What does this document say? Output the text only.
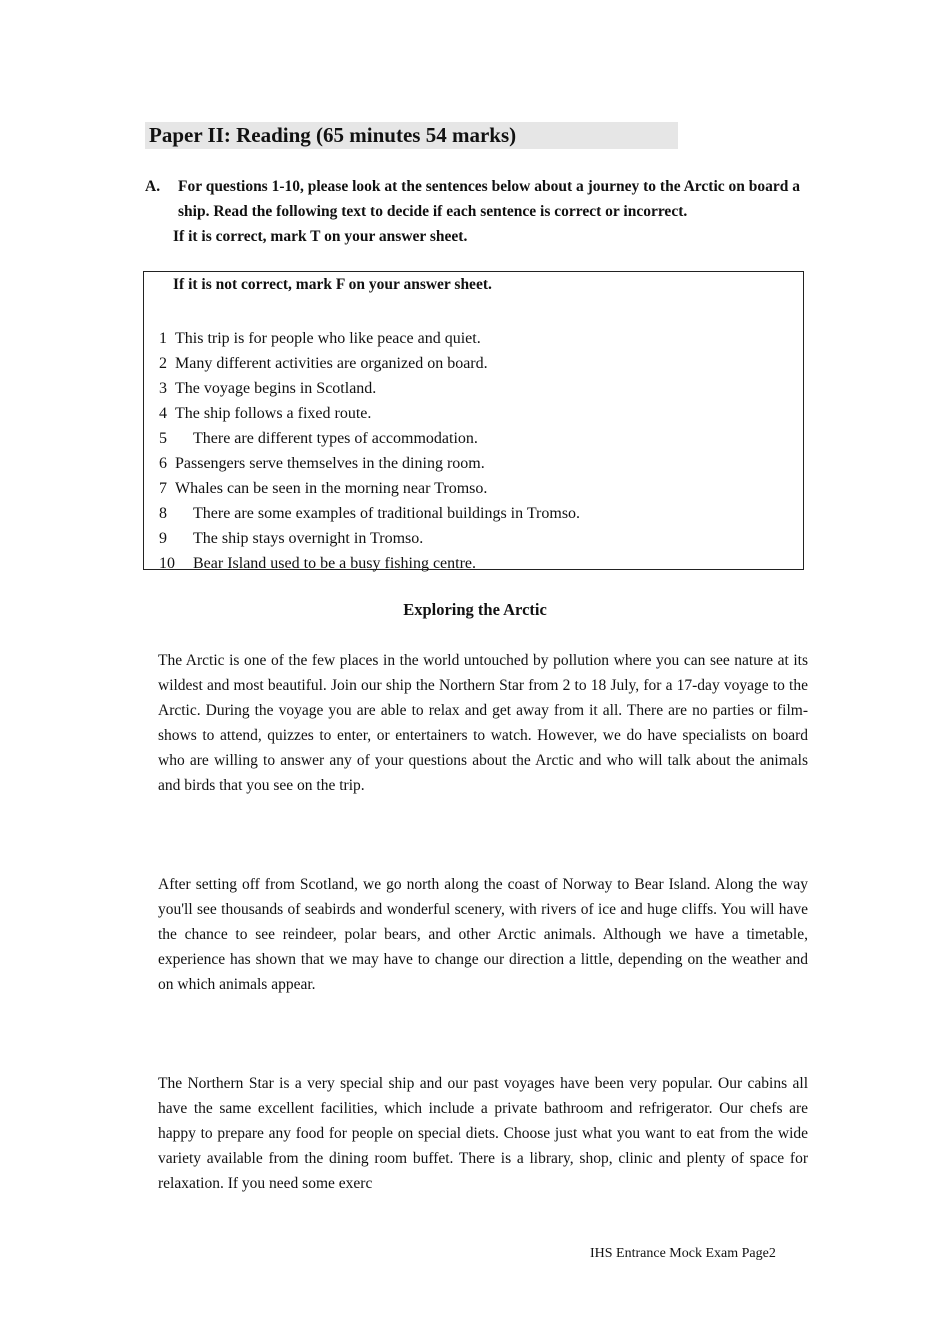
Paper II: Reading (65 minutes 54 marks)
A. For questions 1-10, please look at the sentences below about a journey to the Arctic on board a ship. Read the following text to decide if each sentence is correct or incorrect.
If it is correct, mark T on your answer sheet.
If it is not correct, mark F on your answer sheet.
1 This trip is for people who like peace and quiet.
2 Many different activities are organized on board.
3 The voyage begins in Scotland.
4 The ship follows a fixed route.
5 There are different types of accommodation.
6 Passengers serve themselves in the dining room.
7 Whales can be seen in the morning near Tromso.
8 There are some examples of traditional buildings in Tromso.
9 The ship stays overnight in Tromso.
10 Bear Island used to be a busy fishing centre.
Exploring the Arctic

The Arctic is one of the few places in the world untouched by pollution where you can see nature at its wildest and most beautiful. Join our ship the Northern Star from 2 to 18 July, for a 17-day voyage to the Arctic. During the voyage you are able to relax and get away from it all. There are no parties or film-shows to attend, quizzes to enter, or entertainers to watch. However, we do have specialists on board who are willing to answer any of your questions about the Arctic and who will talk about the animals and birds that you see on the trip.

After setting off from Scotland, we go north along the coast of Norway to Bear Island. Along the way you'll see thousands of seabirds and wonderful scenery, with rivers of ice and huge cliffs. You will have the chance to see reindeer, polar bears, and other Arctic animals. Although we have a timetable, experience has shown that we may have to change our direction a little, depending on the weather and on which animals appear.

The Northern Star is a very special ship and our past voyages have been very popular. Our cabins all have the same excellent facilities, which include a private bathroom and refrigerator. Our chefs are happy to prepare any food for people on special diets. Choose just what you want to eat from the wide variety available from the dining room buffet. There is a library, shop, clinic and plenty of space for relaxation. If you need some exerc

IHS Entrance Mock Exam Page2
